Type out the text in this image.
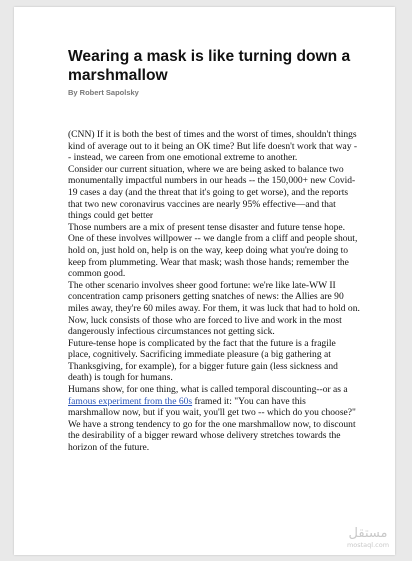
Wearing a mask is like turning down a marshmallow
By Robert Sapolsky

(CNN) If it is both the best of times and the worst of times, shouldn't things kind of average out to it being an OK time? But life doesn't work that way -- instead, we careen from one emotional extreme to another.

Consider our current situation, where we are being asked to balance two monumentally impactful numbers in our heads -- the 150,000+ new Covid-19 cases a day (and the threat that it's going to get worse), and the reports that two new coronavirus vaccines are nearly 95% effective—and that things could get better

Those numbers are a mix of present tense disaster and future tense hope. One of these involves willpower -- we dangle from a cliff and people shout, hold on, just hold on, help is on the way, keep doing what you're doing to keep from plummeting. Wear that mask; wash those hands; remember the common good.

The other scenario involves sheer good fortune: we're like late-WW II concentration camp prisoners getting snatches of news: the Allies are 90 miles away, they're 60 miles away. For them, it was luck that had to hold on. Now, luck consists of those who are forced to live and work in the most dangerously infectious circumstances not getting sick.

Future-tense hope is complicated by the fact that the future is a fragile place, cognitively. Sacrificing immediate pleasure (a big gathering at Thanksgiving, for example), for a bigger future gain (less sickness and death) is tough for humans.

Humans show, for one thing, what is called temporal discounting--or as a famous experiment from the 60s framed it: "You can have this marshmallow now, but if you wait, you'll get two -- which do you choose?" We have a strong tendency to go for the one marshmallow now, to discount the desirability of a bigger reward whose delivery stretches towards the horizon of the future.

مستقل
mostaql.com
